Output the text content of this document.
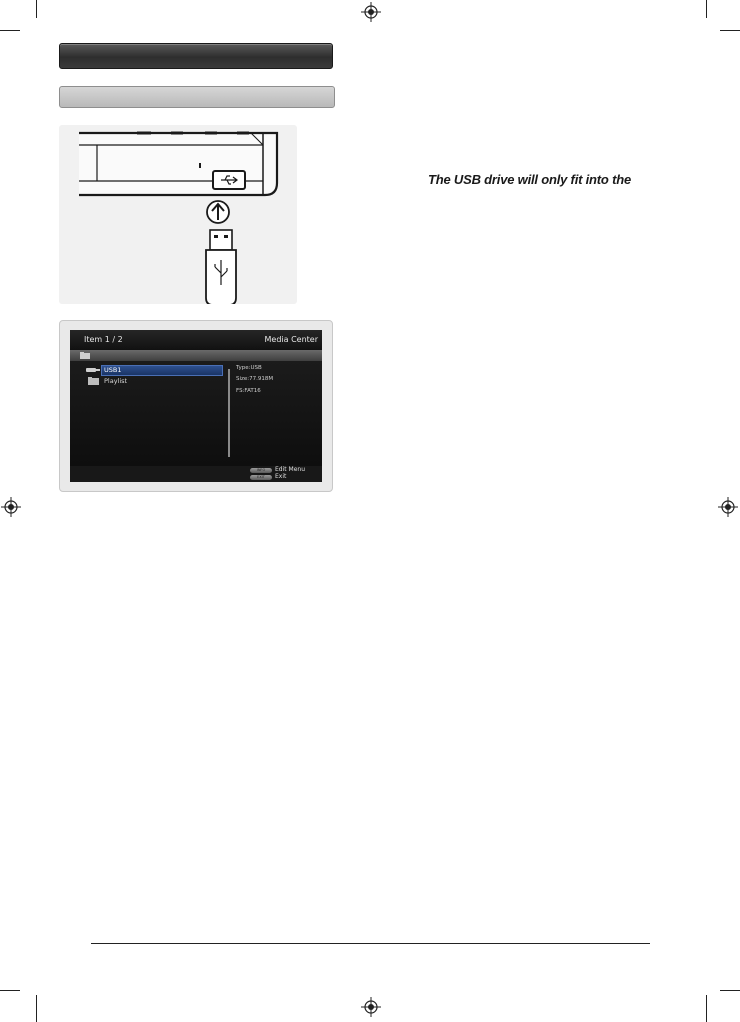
Item 1 / 2	Media Center
USB1
Playlist
Type:USB
Size:77.918M
FS:FAT16
INFO	Edit Menu
EXIT	Exit
The USB drive will only fit into the
